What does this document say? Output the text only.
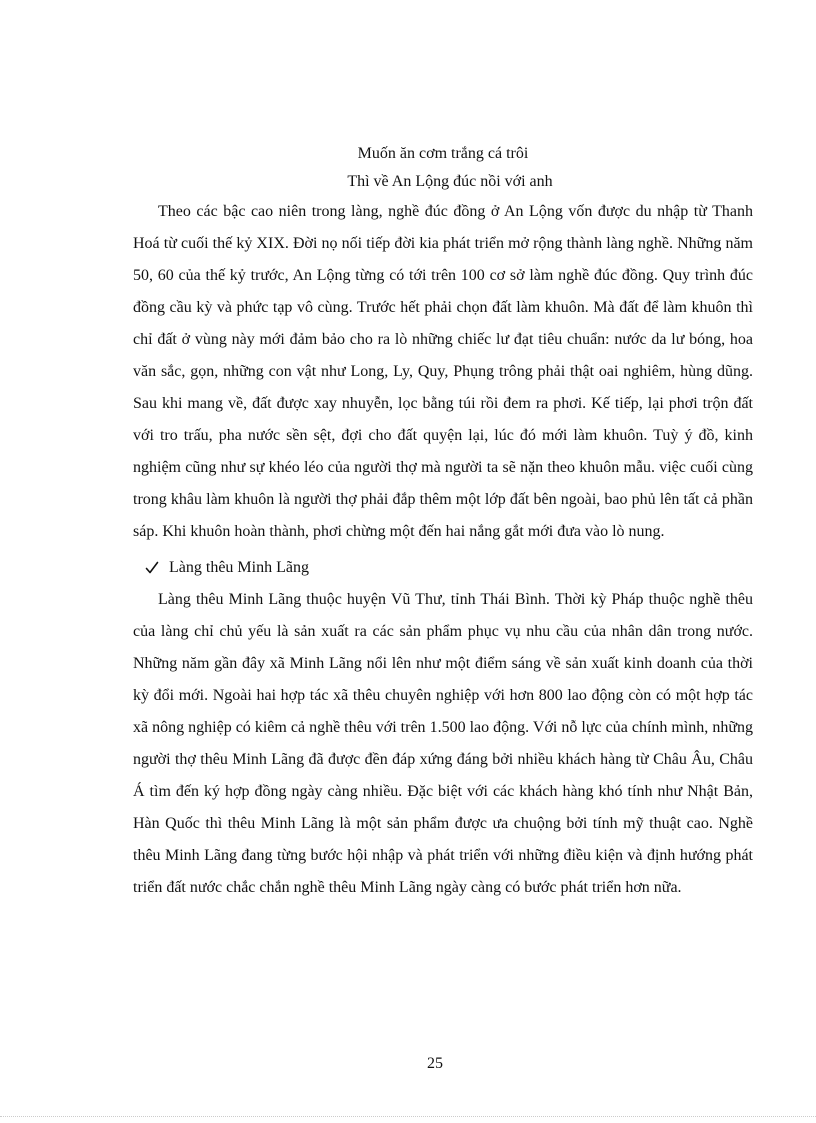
Muốn ăn cơm trắng cá trôi

Thì về An Lộng đúc nồi với anh

Theo các bậc cao niên trong làng, nghề đúc đồng ở An Lộng vốn được du nhập từ Thanh Hoá từ cuối thế kỷ XIX. Đời nọ nối tiếp đời kia phát triển mở rộng thành làng nghề. Những năm 50, 60 của thế kỷ trước, An Lộng từng có tới trên 100 cơ sở làm nghề đúc đồng. Quy trình đúc đồng cầu kỳ và phức tạp vô cùng. Trước hết phải chọn đất làm khuôn. Mà đất để làm khuôn thì chỉ đất ở vùng này mới đảm bảo cho ra lò những chiếc lư đạt tiêu chuẩn: nước da lư bóng, hoa văn sắc, gọn, những con vật như Long, Ly, Quy, Phụng trông phải thật oai nghiêm, hùng dũng. Sau khi mang về, đất được xay nhuyễn, lọc bằng túi rồi đem ra phơi. Kế tiếp, lại phơi trộn đất với tro trấu, pha nước sền sệt, đợi cho đất quyện lại, lúc đó mới làm khuôn. Tuỳ ý đồ, kinh nghiệm cũng như sự khéo léo của người thợ mà người ta sẽ nặn theo khuôn mẫu. việc cuối cùng trong khâu làm khuôn là người thợ phải đắp thêm một lớp đất bên ngoài, bao phủ lên tất cả phần sáp. Khi khuôn hoàn thành, phơi chừng một đến hai nắng gắt mới đưa vào lò nung.

Làng thêu Minh Lãng

Làng thêu Minh Lãng thuộc huyện Vũ Thư, tỉnh Thái Bình. Thời kỳ Pháp thuộc nghề thêu của làng chỉ chủ yếu là sản xuất ra các sản phẩm phục vụ nhu cầu của nhân dân trong nước. Những năm gần đây xã Minh Lãng nổi lên như một điểm sáng về sản xuất kinh doanh của thời kỳ đổi mới. Ngoài hai hợp tác xã thêu chuyên nghiệp với hơn 800 lao động còn có một hợp tác xã nông nghiệp có kiêm cả nghề thêu với trên 1.500 lao động. Với nỗ lực của chính mình, những người thợ thêu Minh Lãng đã được đền đáp xứng đáng bởi nhiều khách hàng từ Châu Âu, Châu Á tìm đến ký hợp đồng ngày càng nhiều. Đặc biệt với các khách hàng khó tính như Nhật Bản, Hàn Quốc thì thêu Minh Lãng là một sản phẩm được ưa chuộng bởi tính mỹ thuật cao. Nghề thêu Minh Lãng đang từng bước hội nhập và phát triển với những điều kiện và định hướng phát triển đất nước chắc chắn nghề thêu Minh Lãng ngày càng có bước phát triển hơn nữa.

25
